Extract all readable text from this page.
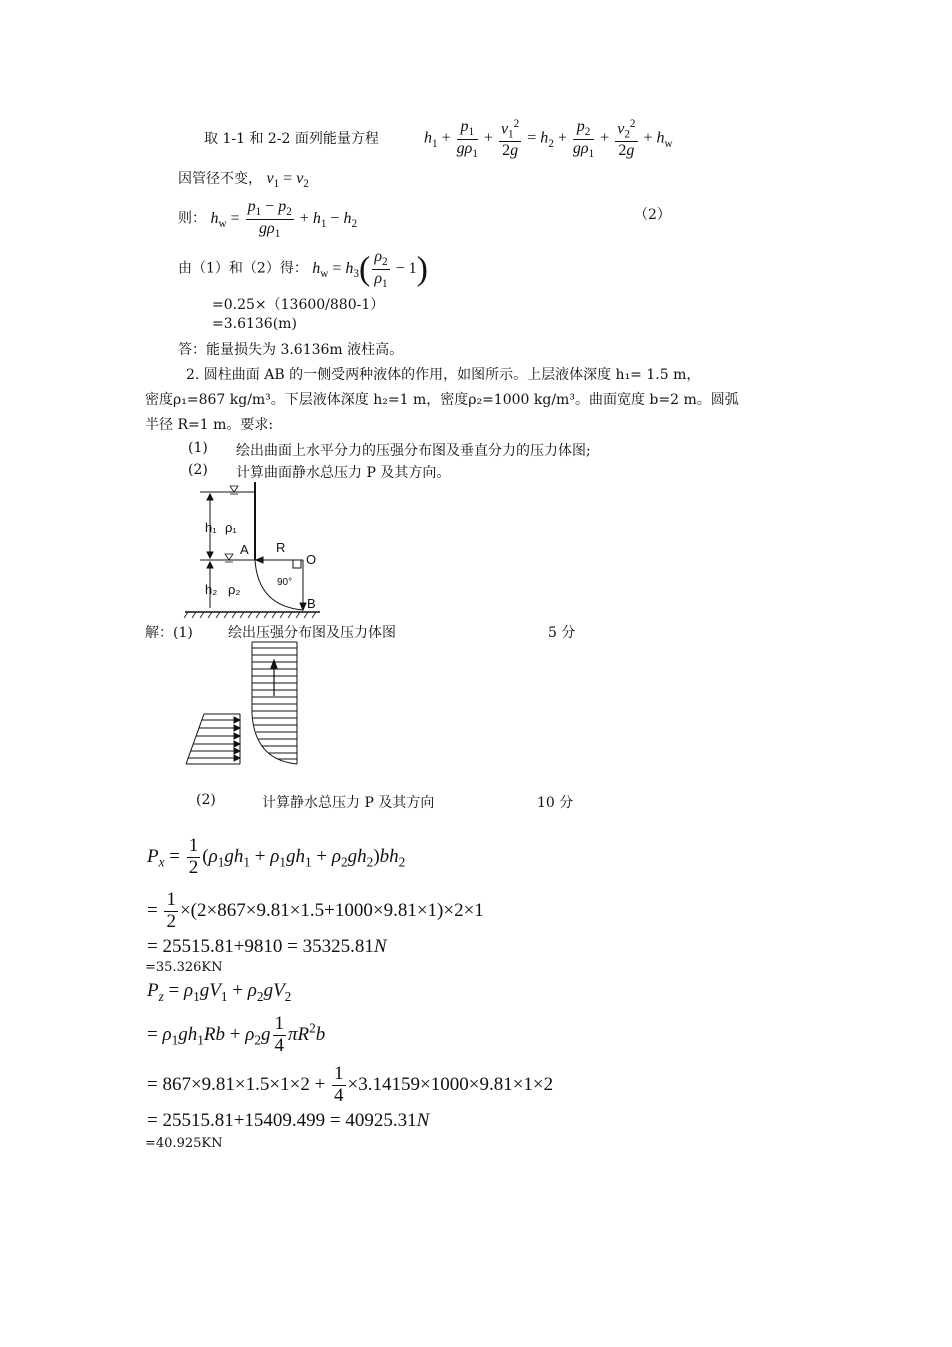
取 1-1 和 2-2 面列能量方程	$h_1 + \frac{p_1}{g\rho_1} + \frac{v_1^2}{2g} = h_2 + \frac{p_2}{g\rho_1} + \frac{v_2^2}{2g} + h_w$
因管径不变， $v_1 = v_2$
则： $h_w = \frac{p_1 - p_2}{g\rho_1} + h_1 - h_2$
（2）
由（1）和（2）得： $h_w = h_3( \frac{\rho_2}{\rho_1} - 1)$
=0.25×（13600/880-1）
=3.6136(m)
答：能量损失为 3.6136m 液柱高。
2. 圆柱曲面 AB 的一侧受两种液体的作用，如图所示。上层液体深度 h₁= 1.5 m，
密度ρ₁=867 kg/m³。下层液体深度 h₂=1 m，密度ρ₂=1000 kg/m³。曲面宽度 b=2 m。圆弧
半径 R=1 m。要求:
(1) 绘出曲面上水平分力的压强分布图及垂直分力的压力体图;
(2) 计算曲面静水总压力 P 及其方向。
h₁ ρ₁
A R
O
90°
h₂ ρ₂
B
解：(1)	绘出压强分布图及压力体图	5 分
(2)	计算静水总压力 P 及其方向	10 分
$P_x = \frac{1}{2} (\rho_1gh_1 + \rho_1gh_1 + \rho_2gh_2)bh_2$
= $\frac{1}{2} \times(2\times 867\times 9.81\times 1.5+1000\times 9.81\times 1)\times 2\times 1$
= 25515.81+9810 = 35325.81N
=35.326KN
$P_z = \rho_1gV_1 + \rho_2gV_2$
= $\rho_1gh_1Rb + \rho_2g \frac{1}{4} \pi R^2b$
= $867\times 9.81\times 1.5\times 1\times 2 + \frac{1}{4} \times 3.14159\times 1000\times 9.81\times 1\times 2$
= 25515.81+15409.499 = 40925.31N
=40.925KN
